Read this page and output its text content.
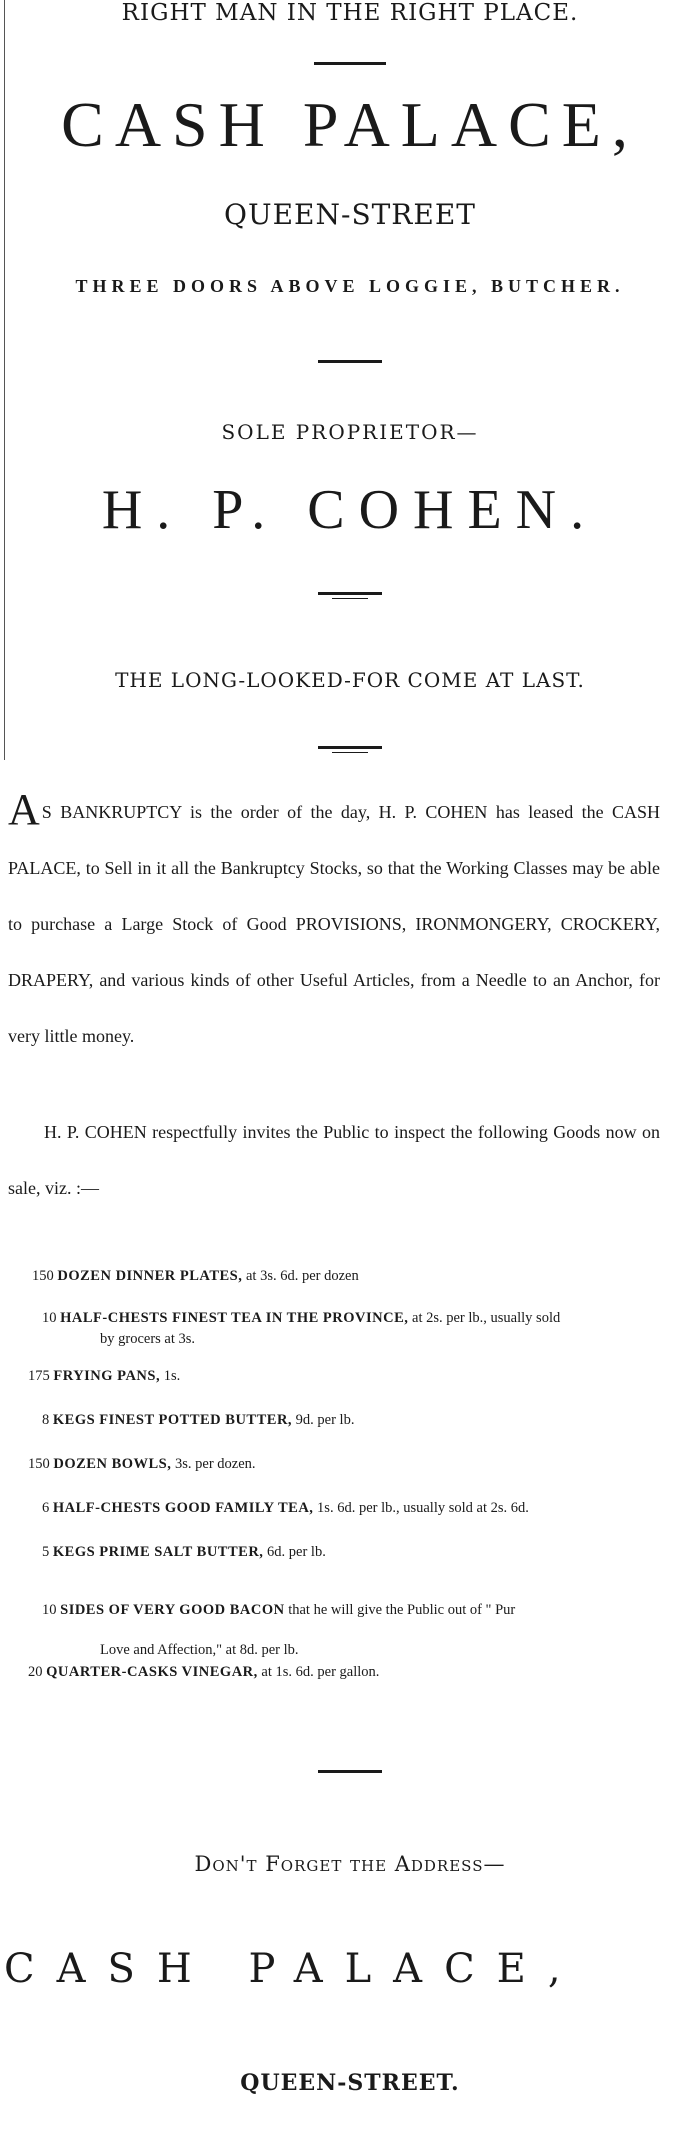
RIGHT MAN IN THE RIGHT PLACE.
CASH PALACE,
QUEEN-STREET
THREE DOORS ABOVE LOGGIE, BUTCHER.
SOLE PROPRIETOR—
H. P. COHEN.
THE LONG-LOOKED-FOR COME AT LAST.

A S BANKRUPTCY is the order of the day, H. P. COHEN has leased the CASH PALACE, to Sell in it all the Bankruptcy Stocks, so that the Working Classes may be able to purchase a Large Stock of Good PROVISIONS, IRONMONGERY, CROCKERY, DRAPERY, and various kinds of other Useful Articles, from a Needle to an Anchor, for very little money.

H. P. COHEN respectfully invites the Public to inspect the following Goods now on sale, viz. :—

150 DOZEN DINNER PLATES, at 3s. 6d. per dozen
10 HALF-CHESTS FINEST TEA IN THE PROVINCE, at 2s. per lb., usually sold
by grocers at 3s.
175 FRYING PANS, 1s.
8 KEGS FINEST POTTED BUTTER, 9d. per lb.
150 DOZEN BOWLS, 3s. per dozen.
6 HALF-CHESTS GOOD FAMILY TEA, 1s. 6d. per lb., usually sold at 2s. 6d.
5 KEGS PRIME SALT BUTTER, 6d. per lb.
10 SIDES OF VERY GOOD BACON that he will give the Public out of " Pur
Love and Affection," at 8d. per lb.
20 QUARTER-CASKS VINEGAR, at 1s. 6d. per gallon.
Don't Forget the Address—
CASH PALACE,
QUEEN-STREET.
